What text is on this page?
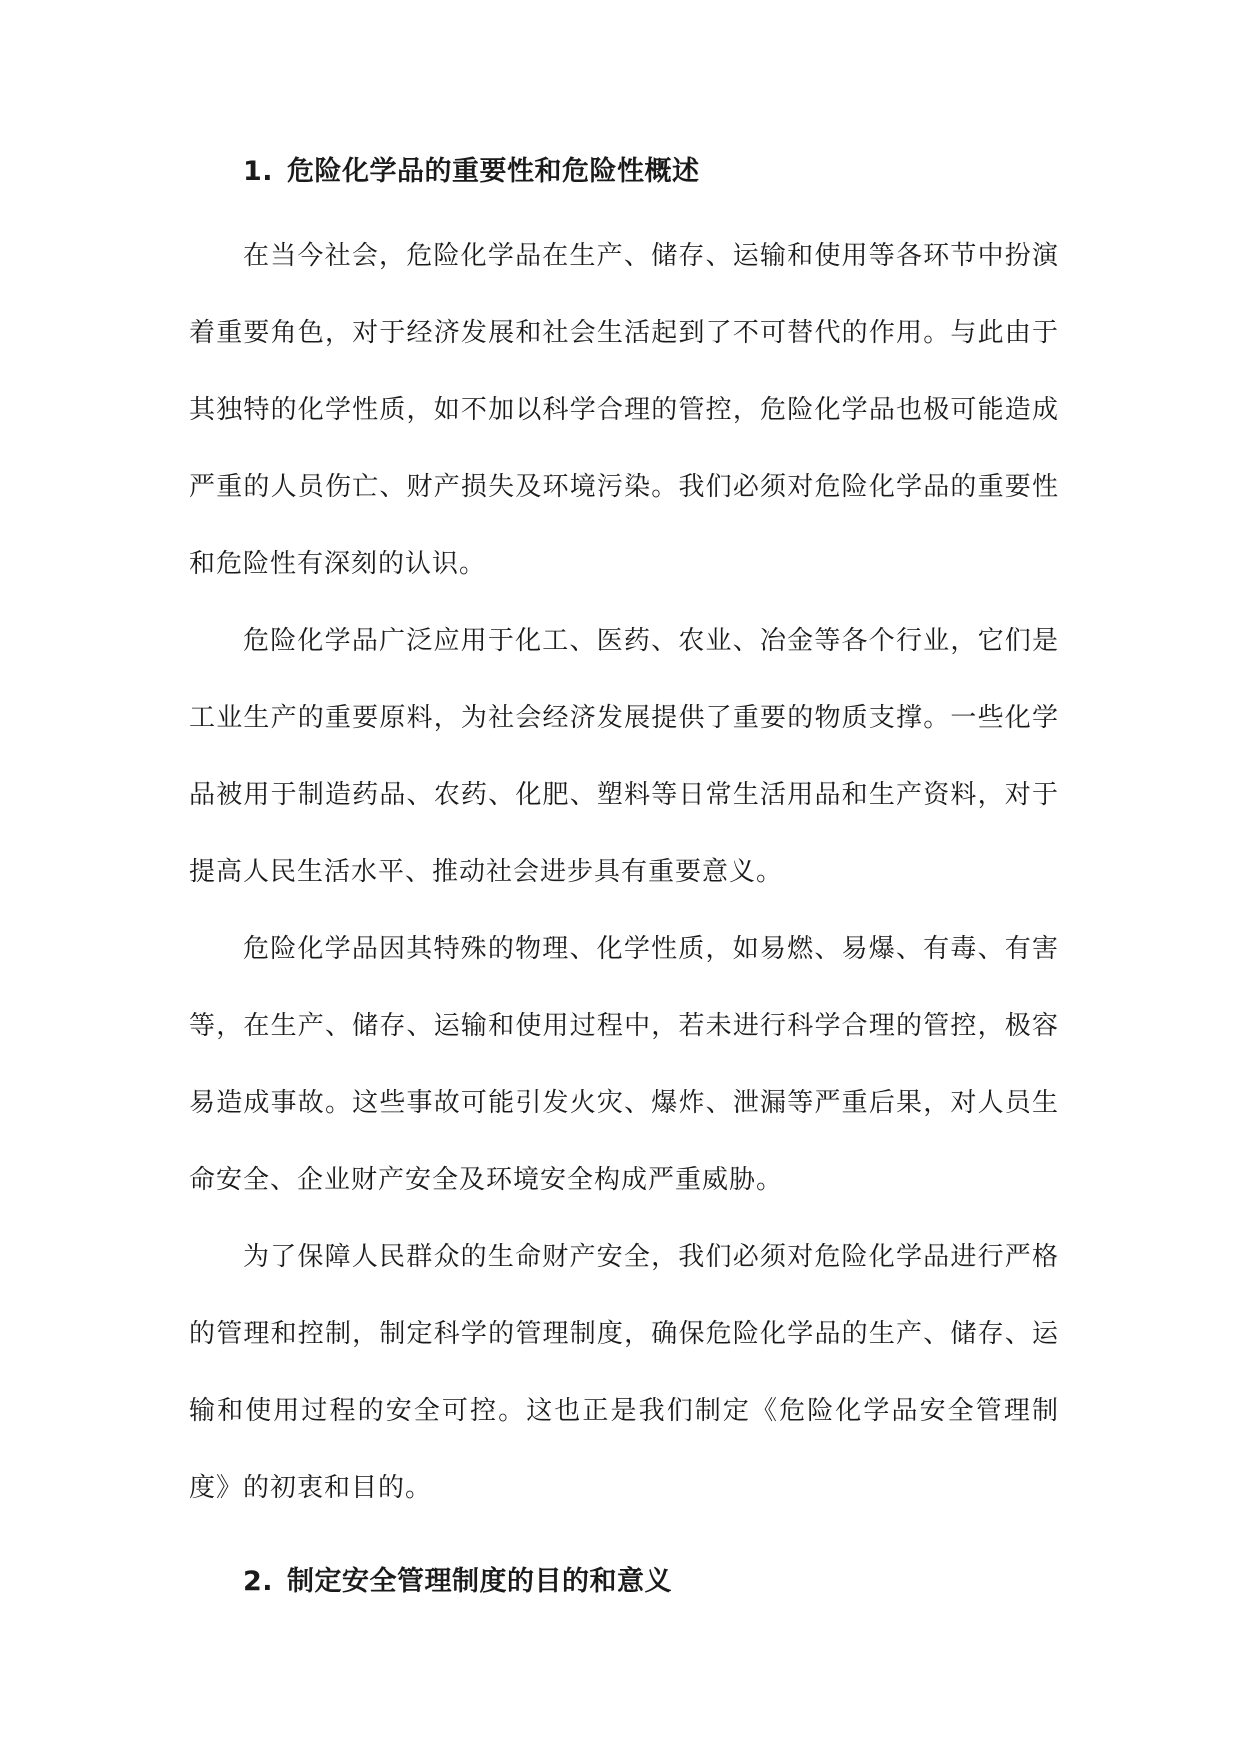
1. 危险化学品的重要性和危险性概述

在当今社会，危险化学品在生产、储存、运输和使用等各环节中扮演着重要角色，对于经济发展和社会生活起到了不可替代的作用。与此由于其独特的化学性质，如不加以科学合理的管控，危险化学品也极可能造成严重的人员伤亡、财产损失及环境污染。我们必须对危险化学品的重要性和危险性有深刻的认识。

危险化学品广泛应用于化工、医药、农业、冶金等各个行业，它们是工业生产的重要原料，为社会经济发展提供了重要的物质支撑。一些化学品被用于制造药品、农药、化肥、塑料等日常生活用品和生产资料，对于提高人民生活水平、推动社会进步具有重要意义。

危险化学品因其特殊的物理、化学性质，如易燃、易爆、有毒、有害等，在生产、储存、运输和使用过程中，若未进行科学合理的管控，极容易造成事故。这些事故可能引发火灾、爆炸、泄漏等严重后果，对人员生命安全、企业财产安全及环境安全构成严重威胁。

为了保障人民群众的生命财产安全，我们必须对危险化学品进行严格的管理和控制，制定科学的管理制度，确保危险化学品的生产、储存、运输和使用过程的安全可控。这也正是我们制定《危险化学品安全管理制度》的初衷和目的。

2. 制定安全管理制度的目的和意义
